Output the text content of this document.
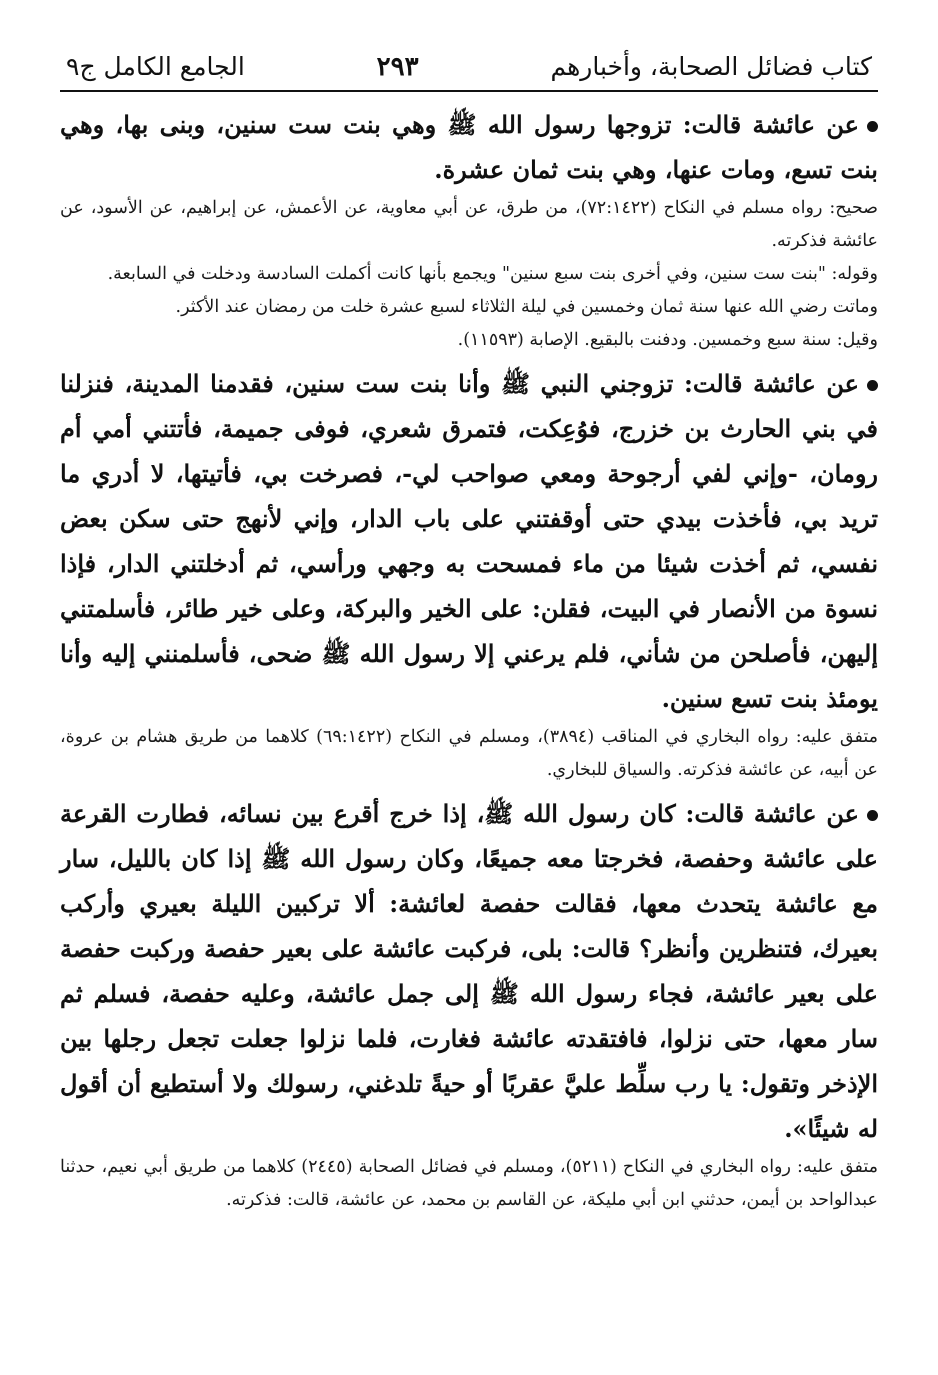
كتاب فضائل الصحابة، وأخبارهم
٢٩٣
الجامع الكامل ج٩

عن عائشة قالت: تزوجها رسول الله ﷺ وهي بنت ست سنين، وبنى بها، وهي بنت تسع، ومات عنها، وهي بنت ثمان عشرة.

صحيح: رواه مسلم في النكاح (٧٢:١٤٢٢)، من طرق، عن أبي معاوية، عن الأعمش، عن إبراهيم، عن الأسود، عن عائشة فذكرته.

وقوله: "بنت ست سنين، وفي أخرى بنت سبع سنين" ويجمع بأنها كانت أكملت السادسة ودخلت في السابعة.

وماتت رضي الله عنها سنة ثمان وخمسين في ليلة الثلاثاء لسبع عشرة خلت من رمضان عند الأكثر.

وقيل: سنة سبع وخمسين. ودفنت بالبقيع. الإصابة (١١٥٩٣).

عن عائشة قالت: تزوجني النبي ﷺ وأنا بنت ست سنين، فقدمنا المدينة، فنزلنا في بني الحارث بن خزرج، فوُعِكت، فتمرق شعري، فوفى جميمة، فأتتني أمي أم رومان، -وإني لفي أرجوحة ومعي صواحب لي-، فصرخت بي، فأتيتها، لا أدري ما تريد بي، فأخذت بيدي حتى أوقفتني على باب الدار، وإني لأنهج حتى سكن بعض نفسي، ثم أخذت شيئا من ماء فمسحت به وجهي ورأسي، ثم أدخلتني الدار، فإذا نسوة من الأنصار في البيت، فقلن: على الخير والبركة، وعلى خير طائر، فأسلمتني إليهن، فأصلحن من شأني، فلم يرعني إلا رسول الله ﷺ ضحى، فأسلمنني إليه وأنا يومئذ بنت تسع سنين.

متفق عليه: رواه البخاري في المناقب (٣٨٩٤)، ومسلم في النكاح (٦٩:١٤٢٢) كلاهما من طريق هشام بن عروة، عن أبيه، عن عائشة فذكرته. والسياق للبخاري.

عن عائشة قالت: كان رسول الله ﷺ، إذا خرج أقرع بين نسائه، فطارت القرعة على عائشة وحفصة، فخرجتا معه جميعًا، وكان رسول الله ﷺ إذا كان بالليل، سار مع عائشة يتحدث معها، فقالت حفصة لعائشة: ألا تركبين الليلة بعيري وأركب بعيرك، فتنظرين وأنظر؟ قالت: بلى، فركبت عائشة على بعير حفصة وركبت حفصة على بعير عائشة، فجاء رسول الله ﷺ إلى جمل عائشة، وعليه حفصة، فسلم ثم سار معها، حتى نزلوا، فافتقدته عائشة فغارت، فلما نزلوا جعلت تجعل رجلها بين الإذخر وتقول: يا رب سلِّط عليَّ عقربًا أو حيةً تلدغني، رسولك ولا أستطيع أن أقول له شيئًا».

متفق عليه: رواه البخاري في النكاح (٥٢١١)، ومسلم في فضائل الصحابة (٢٤٤٥) كلاهما من طريق أبي نعيم، حدثنا عبدالواحد بن أيمن، حدثني ابن أبي مليكة، عن القاسم بن محمد، عن عائشة، قالت: فذكرته.
